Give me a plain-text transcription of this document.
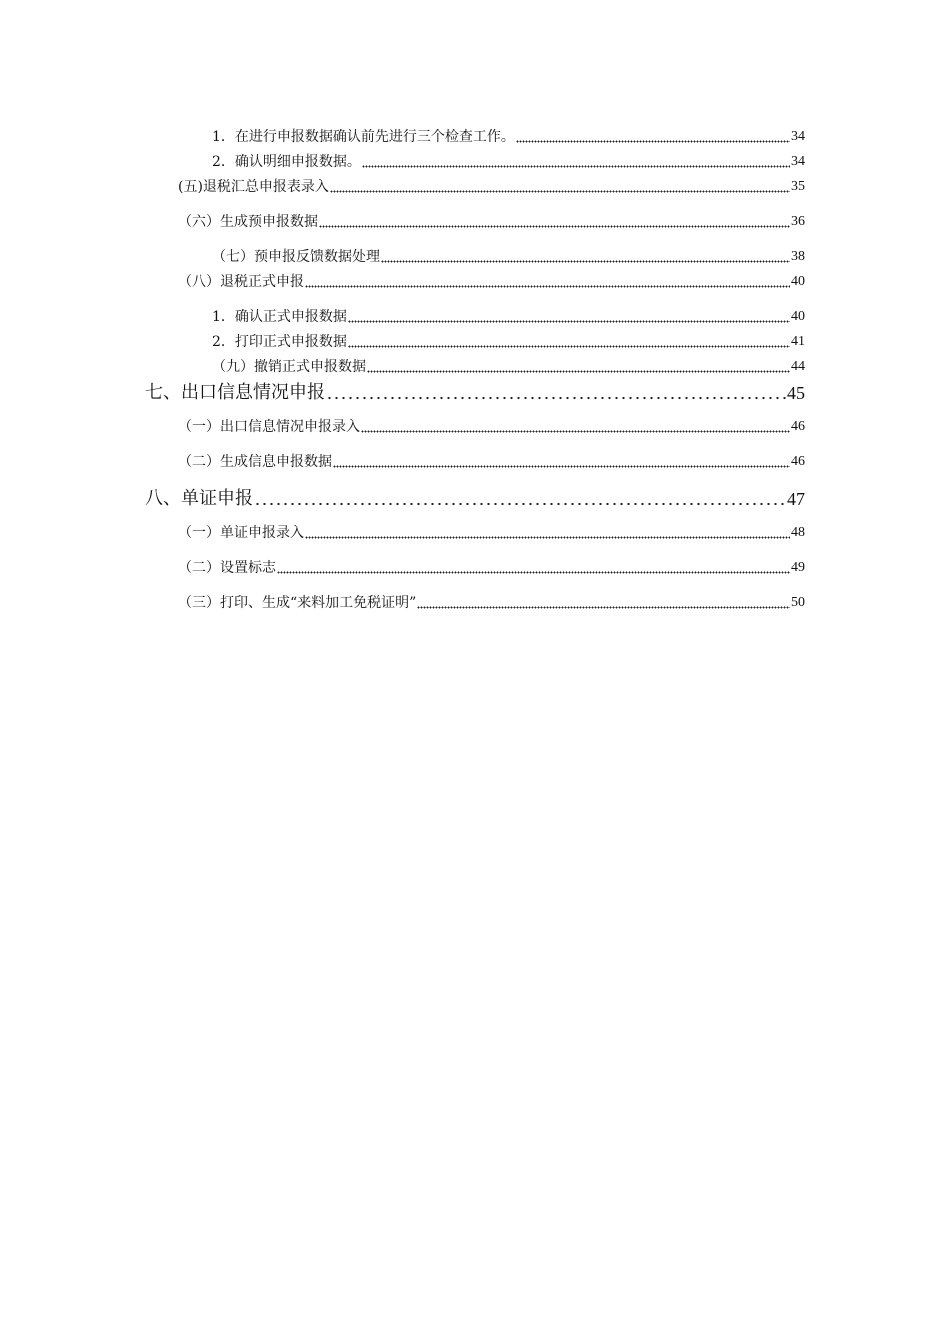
1．在进行申报数据确认前先进行三个检查工作。	34
2．确认明细申报数据。	34
(五)退税汇总申报表录入	35
（六）生成预申报数据	36
（七）预申报反馈数据处理	38
（八）退税正式申报	40
1．确认正式申报数据	40
2．打印正式申报数据	41
（九）撤销正式申报数据	44
七、出口信息情况申报	45
（一）出口信息情况申报录入	46
（二）生成信息申报数据	46
八、单证申报	47
（一）单证申报录入	48
（二）设置标志	49
（三）打印、生成“来料加工免税证明”	50
